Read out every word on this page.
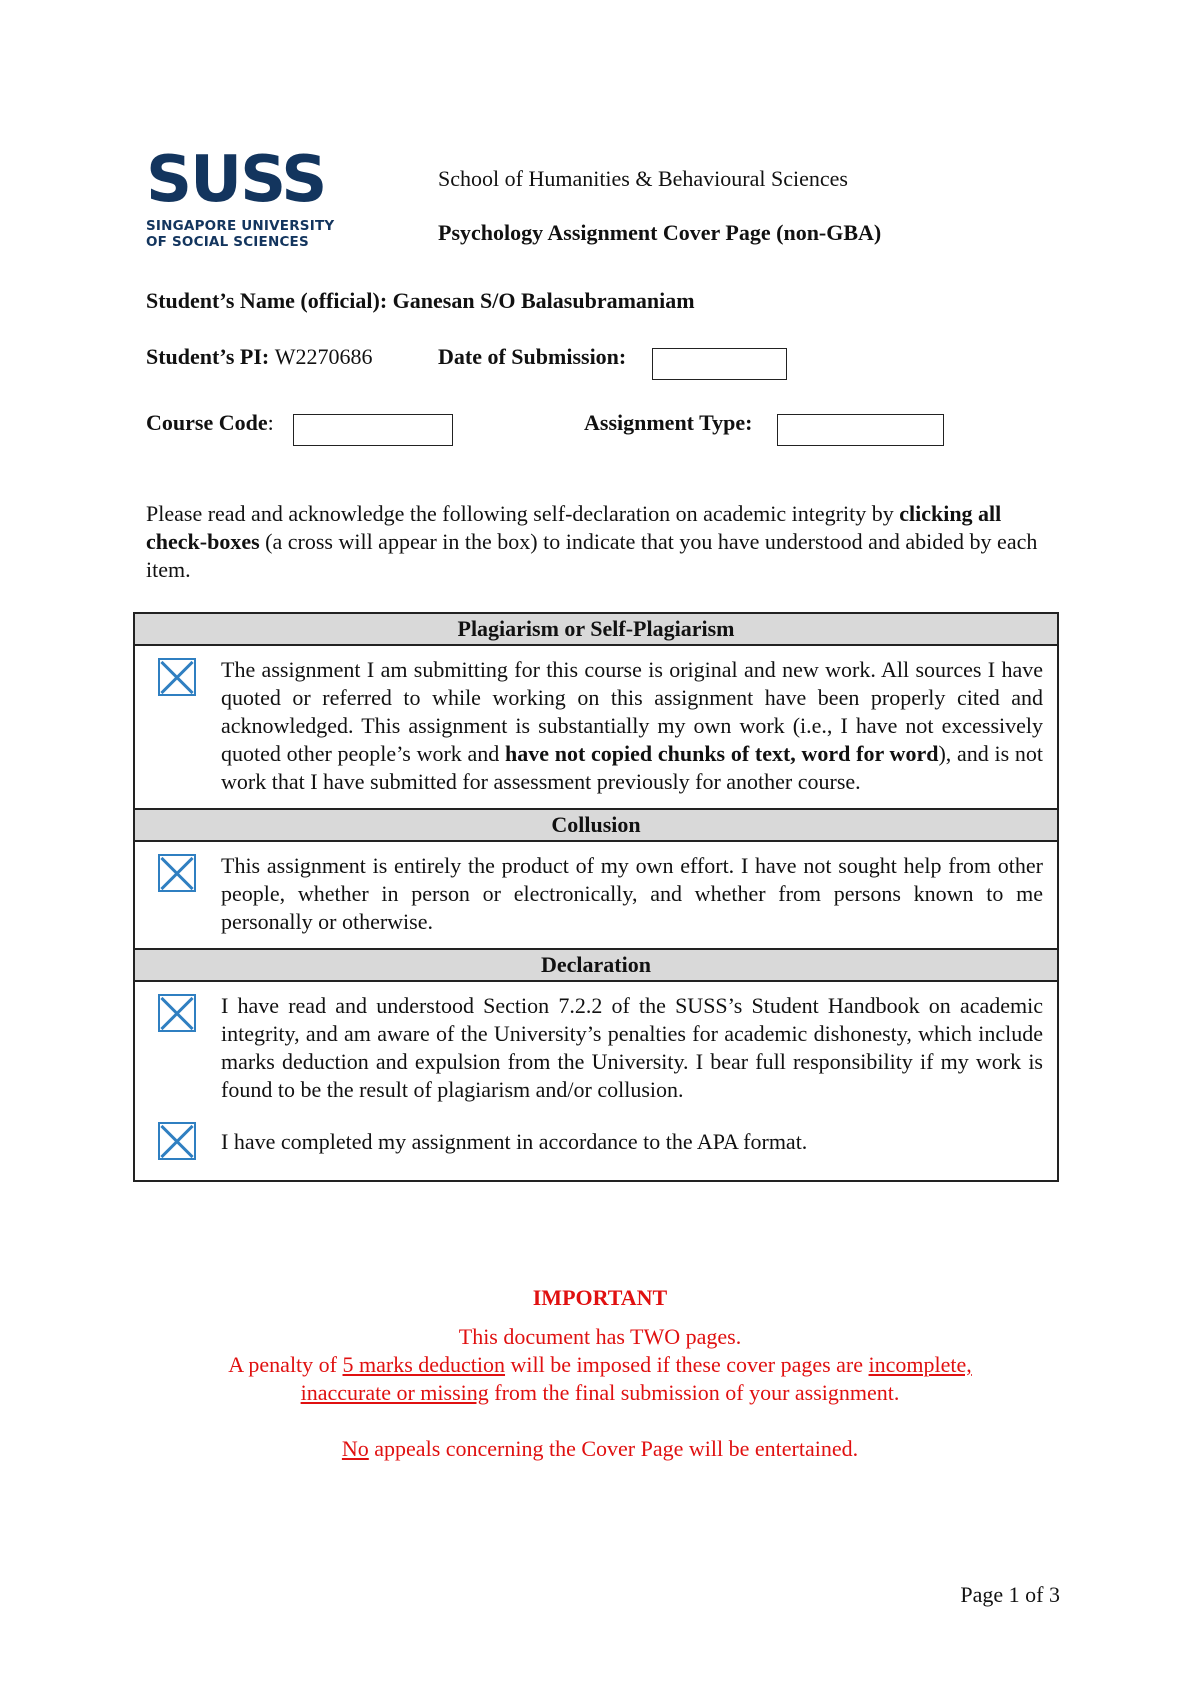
SUSS
SINGAPORE UNIVERSITY
OF SOCIAL SCIENCES
School of Humanities & Behavioural Sciences
Psychology Assignment Cover Page (non-GBA)
Student’s Name (official): Ganesan S/O Balasubramaniam
Student’s PI: W2270686	Date of Submission:
Course Code:	Assignment Type:
Please read and acknowledge the following self-declaration on academic integrity by clicking all check-boxes (a cross will appear in the box) to indicate that you have understood and abided by each item.
Plagiarism or Self-Plagiarism	
	The assignment I am submitting for this course is original and new work. All sources I have quoted or referred to while working on this assignment have been properly cited and acknowledged. This assignment is substantially my own work (i.e., I have not excessively quoted other people’s work and have not copied chunks of text, word for word), and is not work that I have submitted for assessment previously for another course.
Collusion	
	This assignment is entirely the product of my own effort. I have not sought help from other people, whether in person or electronically, and whether from persons known to me personally or otherwise.
Declaration	
	I have read and understood Section 7.2.2 of the SUSS’s Student Handbook on academic integrity, and am aware of the University’s penalties for academic dishonesty, which include marks deduction and expulsion from the University. I bear full responsibility if my work is found to be the result of plagiarism and/or collusion.
	I have completed my assignment in accordance to the APA format.
IMPORTANT
This document has TWO pages.
A penalty of 5 marks deduction will be imposed if these cover pages are incomplete,
inaccurate or missing from the final submission of your assignment.
No appeals concerning the Cover Page will be entertained.
Page 1 of 3
